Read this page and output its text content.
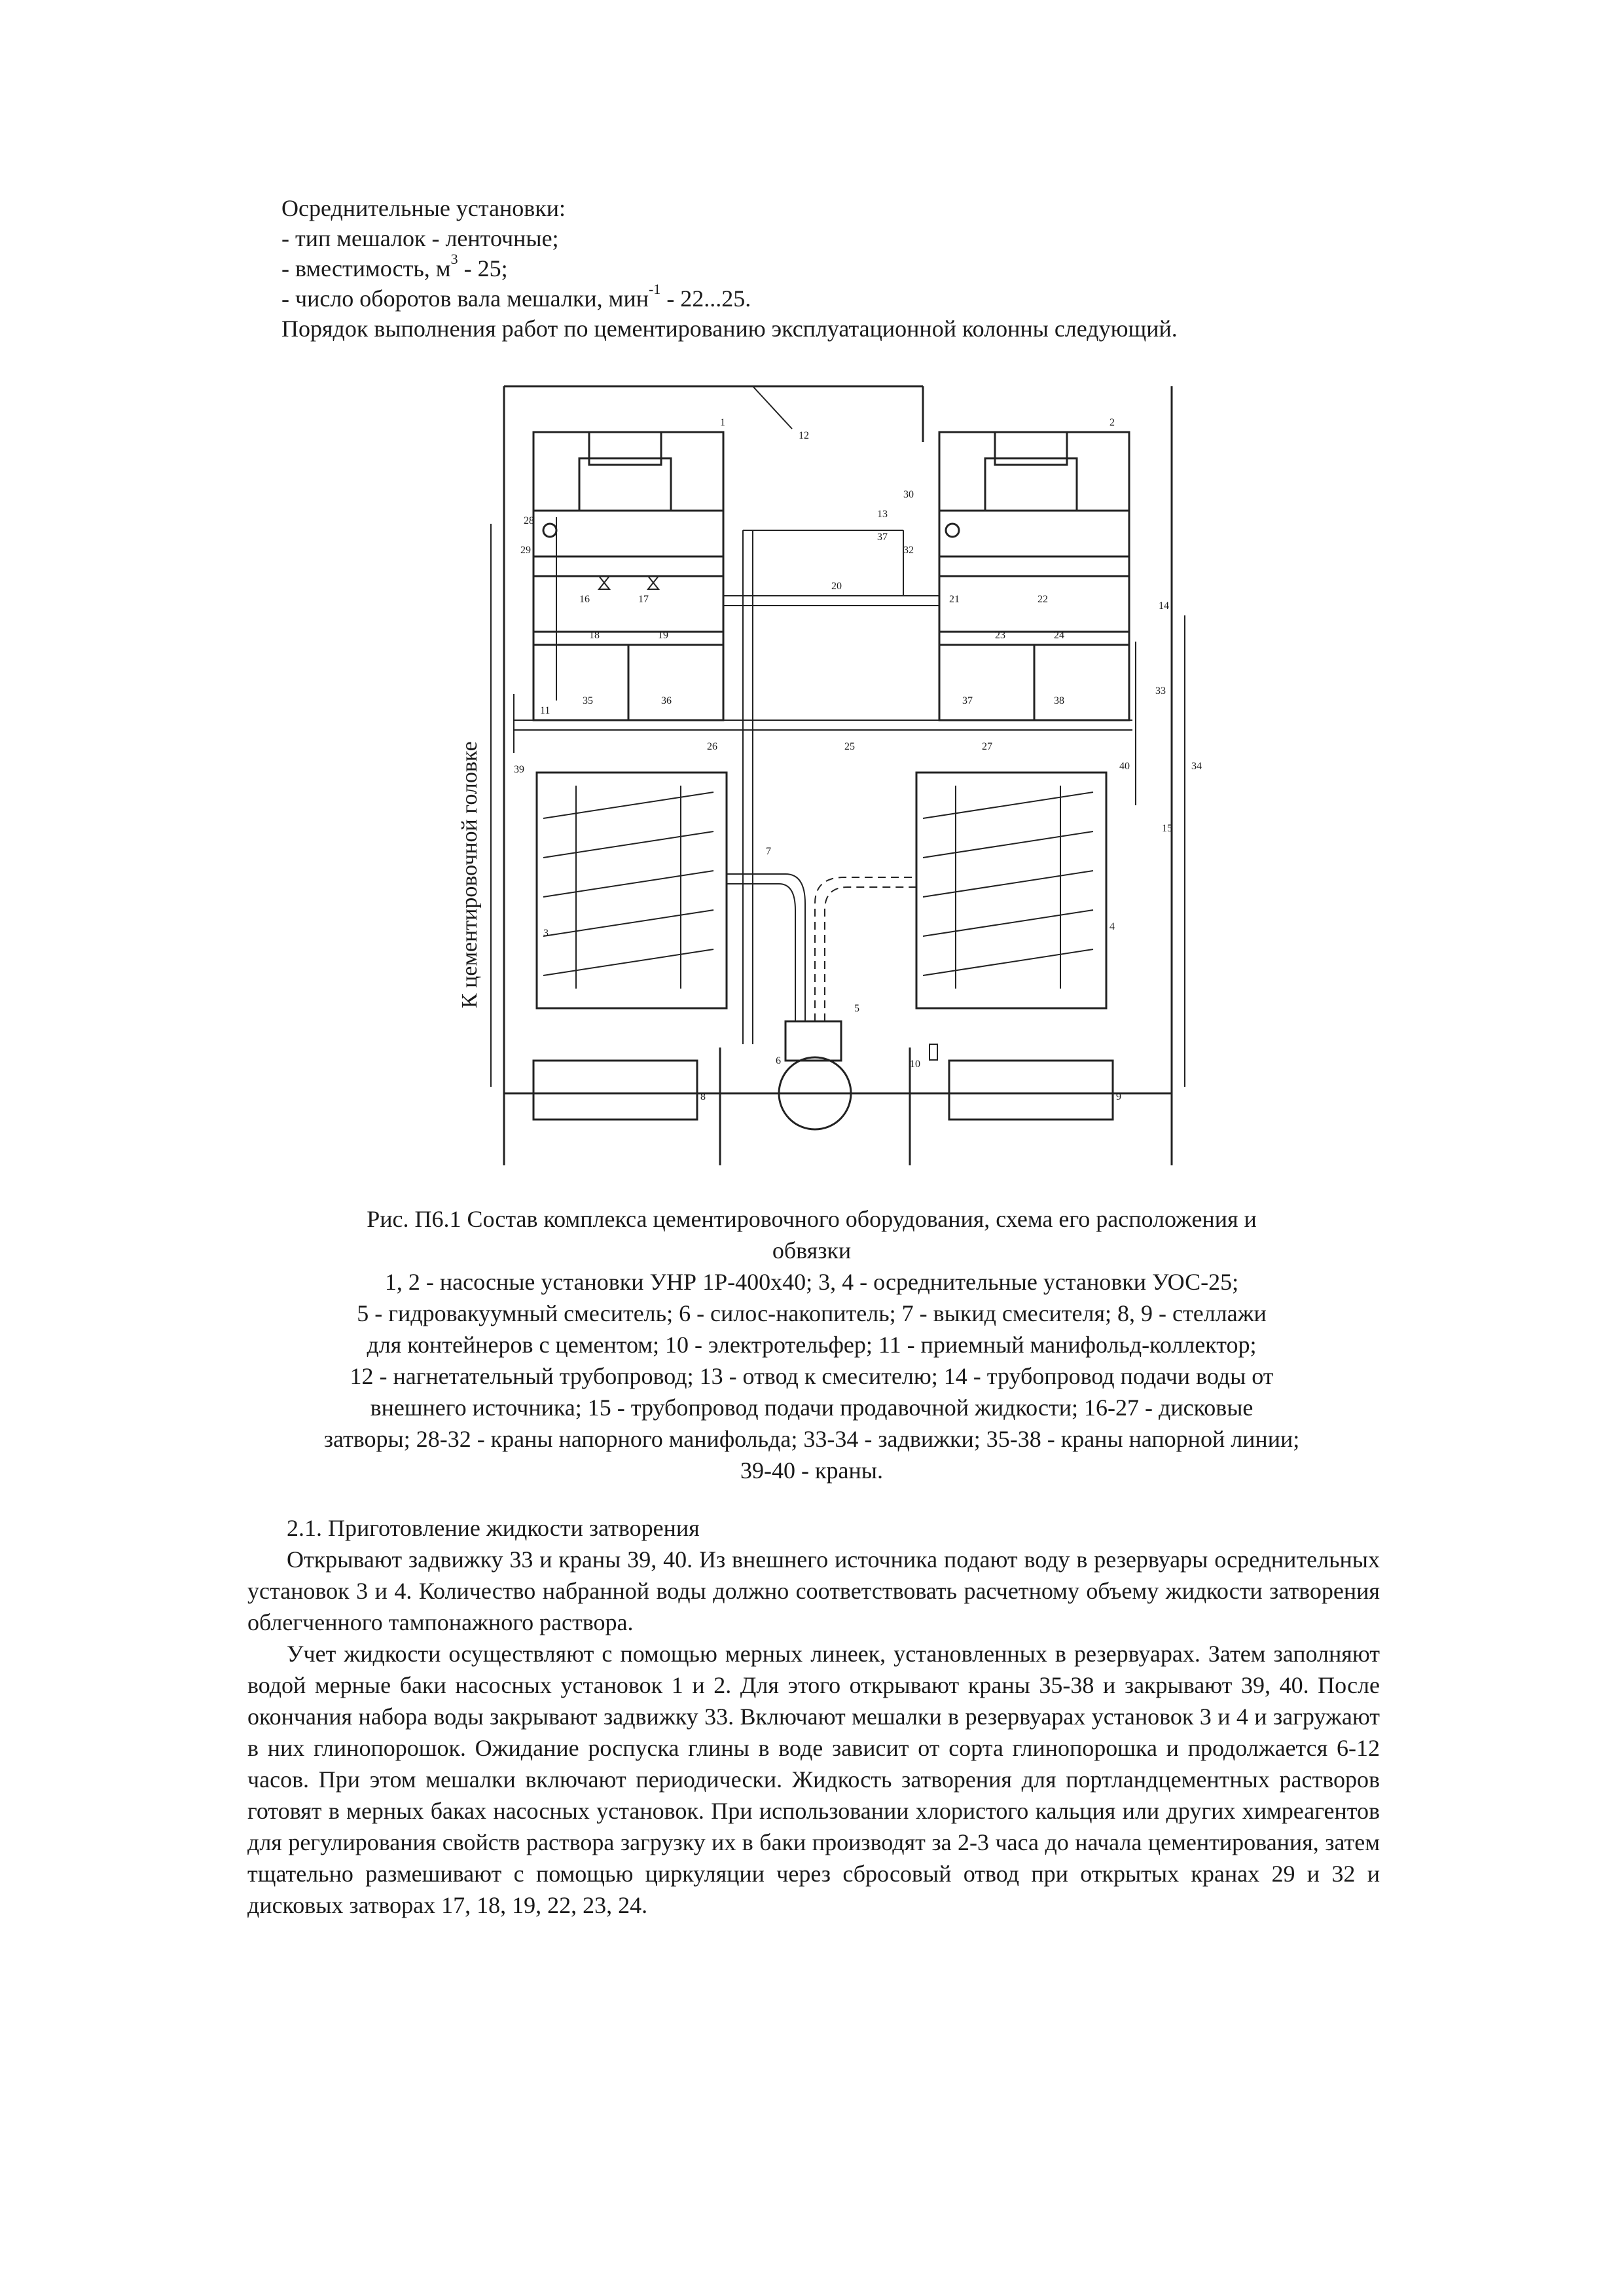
Осреднительные установки:
- тип мешалок - ленточные;
- вместимость, $м^3 - 25$;
- число оборотов вала мешалки, мин$^{-1}$ - 22...25.
Порядок выполнения работ по цементированию эксплуатационной колонны следующий.
К цементировочной головке
12
1
28
29
16	17
18	19
35	36
11
2
30
13
37
32
21	22
23	24
37	38
20
25
26	27
14
33
34
15
40
39
3
4
7
5
6
8	9
10
Рис. П6.1 Состав комплекса цементировочного оборудования, схема его расположения и
обвязки
1, 2 - насосные установки УНР 1Р-400х40; 3, 4 - осреднительные установки УОС-25;
5 - гидровакуумный смеситель; 6 - силос-накопитель; 7 - выкид смесителя; 8, 9 - стеллажи
для контейнеров с цементом; 10 - электротельфер; 11 - приемный манифольд-коллектор;
12 - нагнетательный трубопровод; 13 - отвод к смесителю; 14 - трубопровод подачи воды от
внешнего источника; 15 - трубопровод подачи продавочной жидкости; 16-27 - дисковые
затворы; 28-32 - краны напорного манифольда; 33-34 - задвижки; 35-38 - краны напорной линии;
39-40 - краны.
2.1. Приготовление жидкости затворения

Открывают задвижку 33 и краны 39, 40. Из внешнего источника подают воду в резервуары осреднительных установок 3 и 4. Количество набранной воды должно соответствовать расчетному объему жидкости затворения облегченного тампонажного раствора.

Учет жидкости осуществляют с помощью мерных линеек, установленных в резервуарах. Затем заполняют водой мерные баки насосных установок 1 и 2. Для этого открывают краны 35-38 и закрывают 39, 40. После окончания набора воды закрывают задвижку 33. Включают мешалки в резервуарах установок 3 и 4 и загружают в них глинопорошок. Ожидание роспуска глины в воде зависит от сорта глинопорошка и продолжается 6-12 часов. При этом мешалки включают периодически. Жидкость затворения для портландцементных растворов готовят в мерных баках насосных установок. При использовании хлористого кальция или других химреагентов для регулирования свойств раствора загрузку их в баки производят за 2-3 часа до начала цементирования, затем тщательно размешивают с помощью циркуляции через сбросовый отвод при открытых кранах 29 и 32 и дисковых затворах 17, 18, 19, 22, 23, 24.
